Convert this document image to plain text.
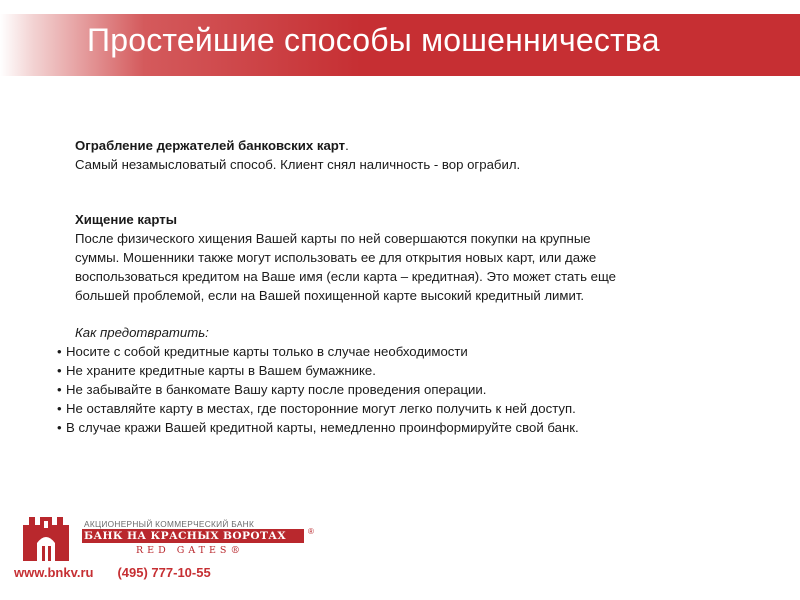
Простейшие способы мошенничества
Ограбление держателей банковских карт.
Самый незамысловатый способ. Клиент снял наличность - вор ограбил.
Хищение карты
После физического хищения Вашей карты по ней совершаются покупки на крупные
суммы. Мошенники также могут использовать ее для открытия новых карт, или даже
воспользоваться кредитом на Ваше имя (если карта – кредитная). Это может стать еще
большей проблемой, если на Вашей похищенной карте высокий кредитный лимит.
Как предотвратить:
• Носите с собой кредитные карты только в случае необходимости
• Не храните кредитные карты в Вашем бумажнике.
• Не забывайте в банкомате Вашу карту после проведения операции.
• Не оставляйте карту в местах, где посторонние могут легко получить к ней доступ.
• В случае кражи Вашей кредитной карты, немедленно проинформируйте свой банк.
АКЦИОНЕРНЫЙ КОММЕРЧЕСКИЙ БАНК
БАНК НА КРАСНЫХ ВОРОТАХ	®
RED GATES®
www.bnkv.ru (495) 777-10-55
